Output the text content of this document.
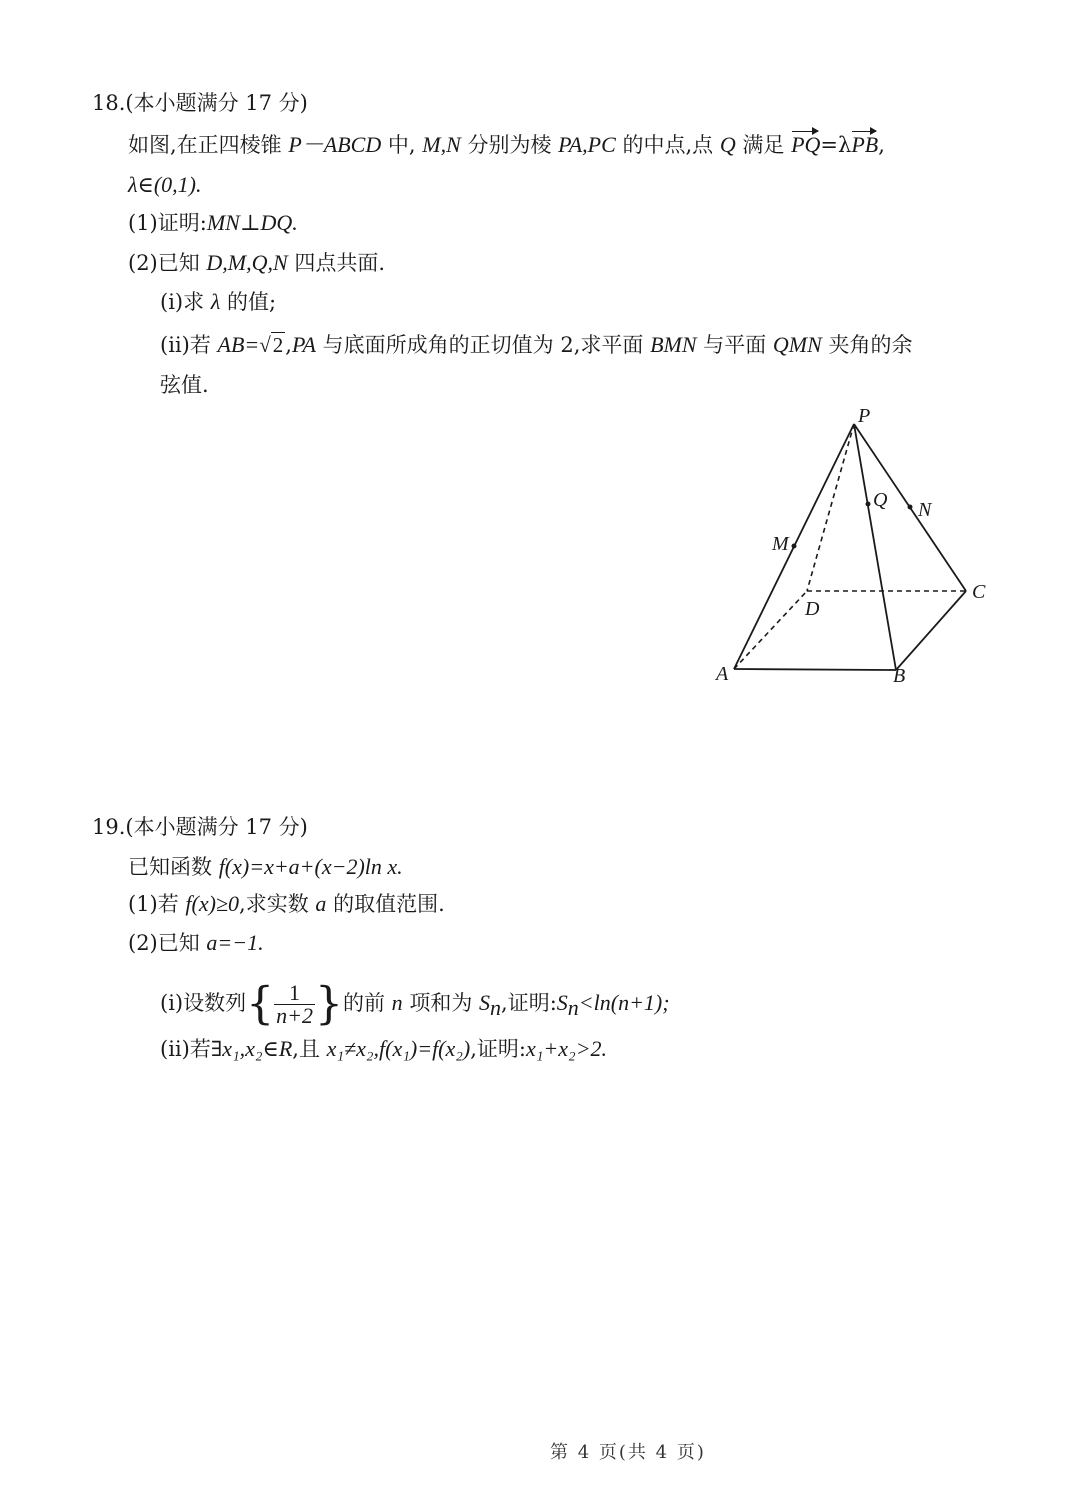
18.(本小题满分 17 分)
如图,在正四棱锥 P－ABCD 中, M,N 分别为棱 PA,PC 的中点,点 Q 满足 PQ=λPB,
λ∈(0,1).
(1)证明:MN⊥DQ.
(2)已知 D,M,Q,N 四点共面.
(ⅰ)求 λ 的值;
(ⅱ)若 AB=√2,PA 与底面所成角的正切值为 2,求平面 BMN 与平面 QMN 夹角的余
弦值.
P
Q N
M
D
C
A	B
19.(本小题满分 17 分)
已知函数 f(x)=x+a+(x−2)ln x.
(1)若 f(x)≥0,求实数 a 的取值范围.
(2)已知 a=−1.
(ⅰ)设数列{ $\frac{1}{n+2}$ }的前 n 项和为 $S_n$,证明$:S_n<\ln(n+1)$;
(ⅱ)若∃x₁,x₂∈R,且 x₁≠x₂,f(x₁)=f(x₂),证明:x₁+x₂>2.
第 4 页(共 4 页)
